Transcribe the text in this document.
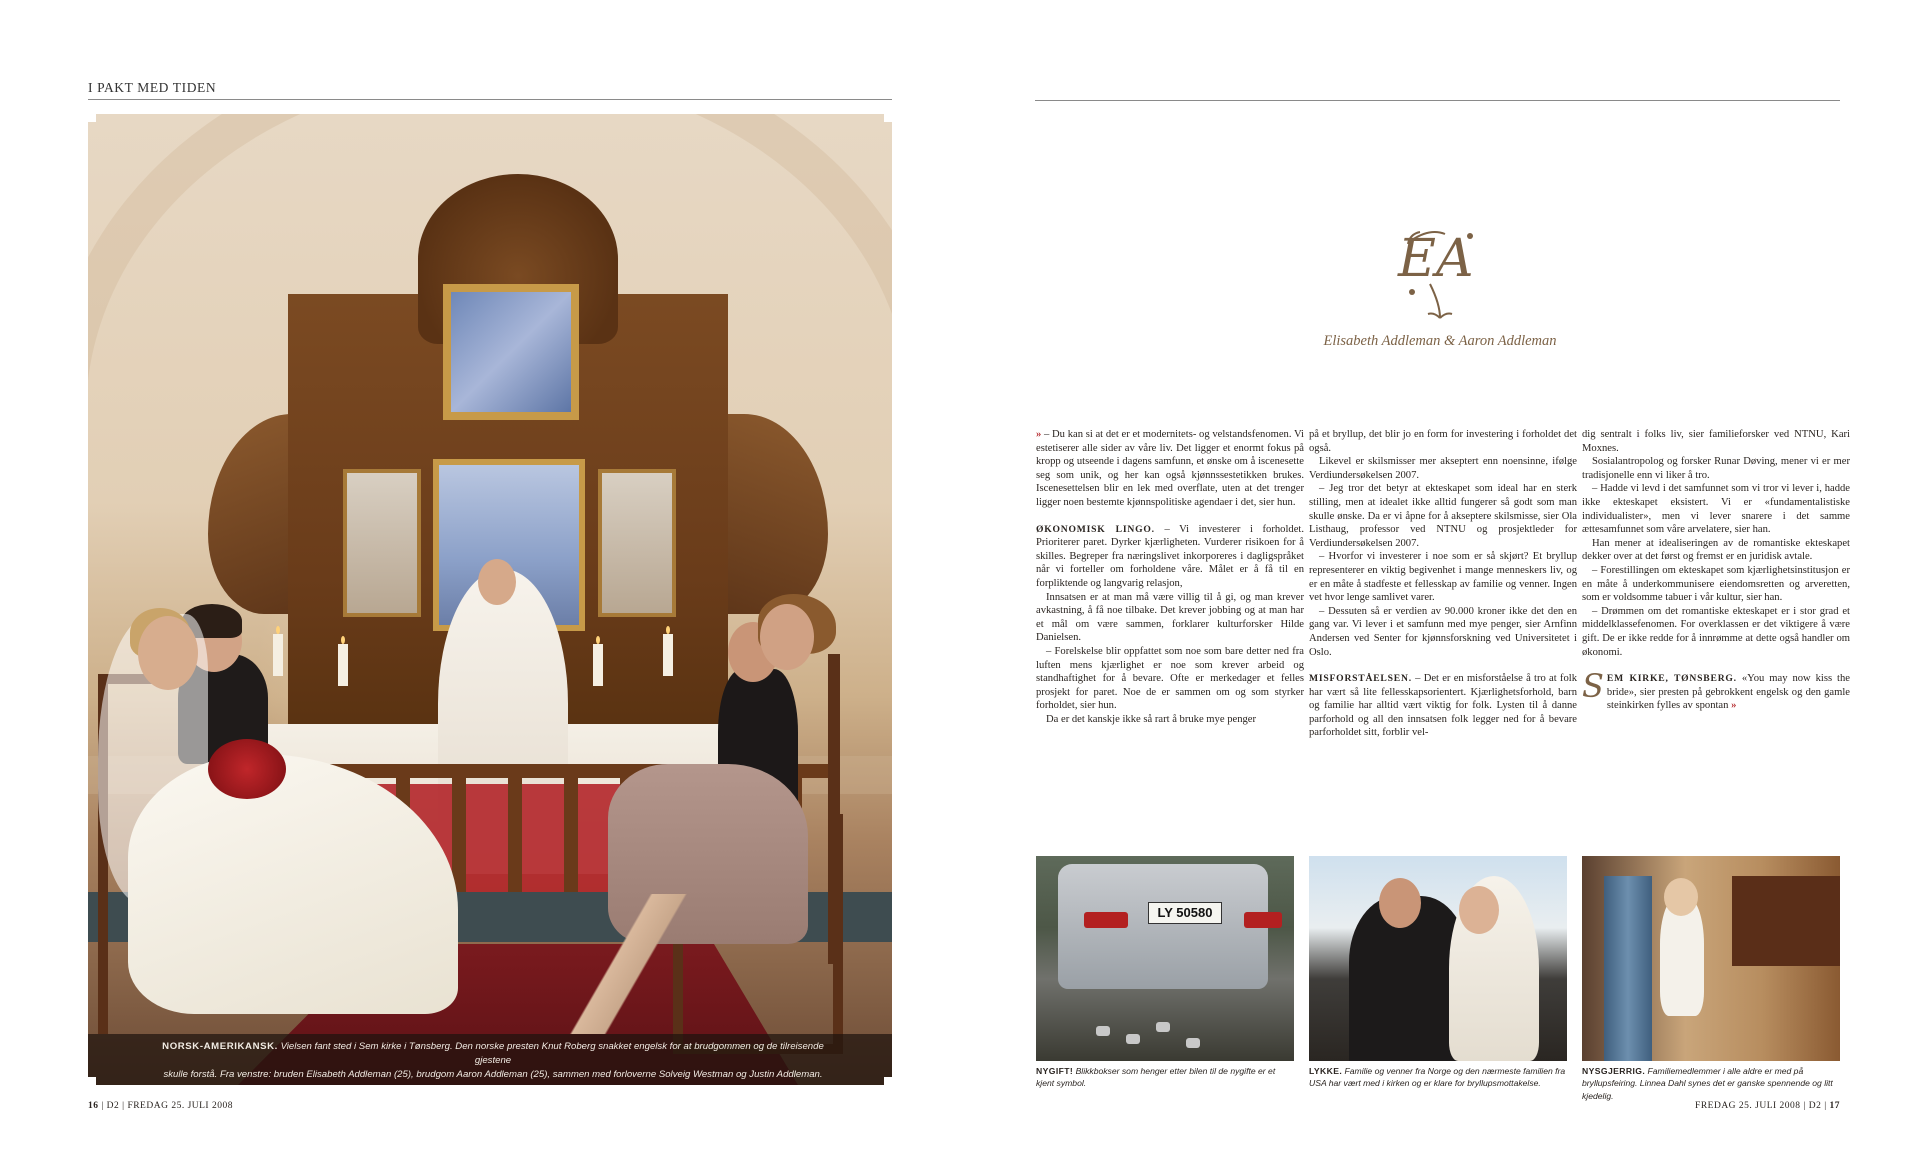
I PAKT MED TIDEN
NORSK-AMERIKANSK. Vielsen fant sted i Sem kirke i Tønsberg. Den norske presten Knut Roberg snakket engelsk for at brudgommen og de tilreisende gjestene
skulle forstå. Fra venstre: bruden Elisabeth Addleman (25), brudgom Aaron Addleman (25), sammen med forloverne Solveig Westman og Justin Addleman.
16 | D2 | FREDAG 25. JULI 2008
EA
Elisabeth Addleman & Aaron Addleman

» – Du kan si at det er et modernitets- og velstandsfenomen. Vi estetiserer alle sider av våre liv. Det ligger et enormt fokus på kropp og utseende i dagens samfunn, et ønske om å iscenesette seg som unik, og her kan også kjønnssestetikken brukes. Iscenesettelsen blir en lek med overflate, uten at det trenger ligger noen bestemte kjønnspolitiske agendaer i det, sier hun.

ØKONOMISK LINGO. – Vi investerer i forholdet. Prioriterer paret. Dyrker kjærligheten. Vurderer risikoen for å skilles. Begreper fra næringslivet inkorporeres i dagligspråket når vi forteller om forholdene våre. Målet er å få til en forpliktende og langvarig relasjon,

Innsatsen er at man må være villig til å gi, og man krever avkastning, å få noe tilbake. Det krever jobbing og at man har et mål om være sammen, forklarer kulturforsker Hilde Danielsen.

– Forelskelse blir oppfattet som noe som bare detter ned fra luften mens kjærlighet er noe som krever arbeid og standhaftighet for å bevare. Ofte er merkedager et felles prosjekt for paret. Noe de er sammen om og som styrker forholdet, sier hun.

Da er det kanskje ikke så rart å bruke mye penger

på et bryllup, det blir jo en form for investering i forholdet det også.

Likevel er skilsmisser mer akseptert enn noensinne, ifølge Verdiundersøkelsen 2007.

– Jeg tror det betyr at ekteskapet som ideal har en sterk stilling, men at idealet ikke alltid fungerer så godt som man skulle ønske. Da er vi åpne for å akseptere skilsmisse, sier Ola Listhaug, professor ved NTNU og prosjektleder for Verdiundersøkelsen 2007.

– Hvorfor vi investerer i noe som er så skjørt? Et bryllup representerer en viktig begivenhet i mange menneskers liv, og er en måte å stadfeste et fellesskap av familie og venner. Ingen vet hvor lenge samlivet varer.

– Dessuten så er verdien av 90.000 kroner ikke det den en gang var. Vi lever i et samfunn med mye penger, sier Arnfinn Andersen ved Senter for kjønnsforskning ved Universitetet i Oslo.

MISFORSTÅELSEN. – Det er en misforståelse å tro at folk har vært så lite fellesskapsorientert. Kjærlighetsforhold, barn og familie har alltid vært viktig for folk. Lysten til å danne parforhold og all den innsatsen folk legger ned for å bevare parforholdet sitt, forblir vel-

dig sentralt i folks liv, sier familieforsker ved NTNU, Kari Moxnes.

Sosialantropolog og forsker Runar Døving, mener vi er mer tradisjonelle enn vi liker å tro.

– Hadde vi levd i det samfunnet som vi tror vi lever i, hadde ikke ekteskapet eksistert. Vi er «fundamentalistiske individualister», men vi lever snarere i det samme ættesamfunnet som våre arvelatere, sier han.

Han mener at idealiseringen av de romantiske ekteskapet dekker over at det først og fremst er en juridisk avtale.

– Forestillingen om ekteskapet som kjærlighetsinstitusjon er en måte å underkommunisere eiendomsretten og arveretten, som er voldsomme tabuer i vår kultur, sier han.

– Drømmen om det romantiske ekteskapet er i stor grad et middelklassefenomen. For overklassen er det viktigere å være gift. De er ikke redde for å innrømme at dette også handler om økonomi.

SEM KIRKE, TØNSBERG. «You may now kiss the bride», sier presten på gebrokkent engelsk og den gamle steinkirken fylles av spontan »

LY 50580
NYGIFT! Blikkbokser som henger etter bilen til de nygifte er et kjent symbol.
LYKKE. Familie og venner fra Norge og den nærmeste familien fra USA har vært med i kirken og er klare for bryllupsmottakelse.
NYSGJERRIG. Familiemedlemmer i alle aldre er med på bryllupsfeiring. Linnea Dahl synes det er ganske spennende og litt kjedelig.
FREDAG 25. JULI 2008 | D2 | 17
